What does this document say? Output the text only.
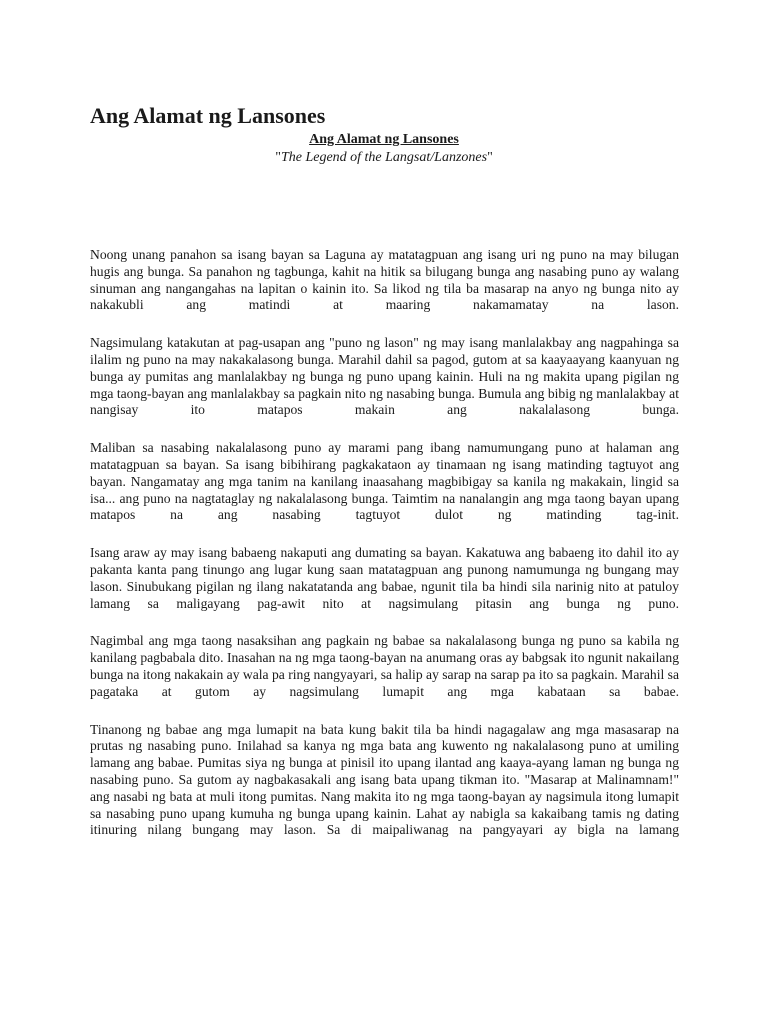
Ang Alamat ng Lansones

Ang Alamat ng Lansones

"The Legend of the Langsat/Lanzones"

Noong unang panahon sa isang bayan sa Laguna ay matatagpuan ang isang uri ng puno na may bilugan hugis ang bunga. Sa panahon ng tagbunga, kahit na hitik sa bilugang bunga ang nasabing puno ay walang sinuman ang nangangahas na lapitan o kainin ito. Sa likod ng tila ba masarap na anyo ng bunga nito ay nakakubli ang matindi at maaring nakamamatay na lason.

Nagsimulang katakutan at pag-usapan ang "puno ng lason" ng may isang manlalakbay ang nagpahinga sa ilalim ng puno na may nakakalasong bunga. Marahil dahil sa pagod, gutom at sa kaayaayang kaanyuan ng bunga ay pumitas ang manlalakbay ng bunga ng puno upang kainin. Huli na ng makita upang pigilan ng mga taong-bayan ang manlalakbay sa pagkain nito ng nasabing bunga. Bumula ang bibig ng manlalakbay at nangisay ito matapos makain ang nakalalasong bunga.

Maliban sa nasabing nakalalasong puno ay marami pang ibang namumungang puno at halaman ang matatagpuan sa bayan. Sa isang bibihirang pagkakataon ay tinamaan ng isang matinding tagtuyot ang bayan. Nangamatay ang mga tanim na kanilang inaasahang magbibigay sa kanila ng makakain, lingid sa isa... ang puno na nagtataglay ng nakalalasong bunga. Taimtim na nanalangin ang mga taong bayan upang matapos na ang nasabing tagtuyot dulot ng matinding tag-init.

Isang araw ay may isang babaeng nakaputi ang dumating sa bayan. Kakatuwa ang babaeng ito dahil ito ay pakanta kanta pang tinungo ang lugar kung saan matatagpuan ang punong namumunga ng bungang may lason. Sinubukang pigilan ng ilang nakatatanda ang babae, ngunit tila ba hindi sila narinig nito at patuloy lamang sa maligayang pag-awit nito at nagsimulang pitasin ang bunga ng puno.

Nagimbal ang mga taong nasaksihan ang pagkain ng babae sa nakalalasong bunga ng puno sa kabila ng kanilang pagbabala dito. Inasahan na ng mga taong-bayan na anumang oras ay babgsak ito ngunit nakailang bunga na itong nakakain ay wala pa ring nangyayari, sa halip ay sarap na sarap pa ito sa pagkain. Marahil sa pagataka at gutom ay nagsimulang lumapit ang mga kabataan sa babae.

Tinanong ng babae ang mga lumapit na bata kung bakit tila ba hindi nagagalaw ang mga masasarap na prutas ng nasabing puno. Inilahad sa kanya ng mga bata ang kuwento ng nakalalasong puno at umiling lamang ang babae. Pumitas siya ng bunga at pinisil ito upang ilantad ang kaaya-ayang laman ng bunga ng nasabing puno. Sa gutom ay nagbakasakali ang isang bata upang tikman ito. "Masarap at Malinamnam!" ang nasabi ng bata at muli itong pumitas. Nang makita ito ng mga taong-bayan ay nagsimula itong lumapit sa nasabing puno upang kumuha ng bunga upang kainin. Lahat ay nabigla sa kakaibang tamis ng dating itinuring nilang bungang may lason. Sa di maipaliwanag na pangyayari ay bigla na lamang
